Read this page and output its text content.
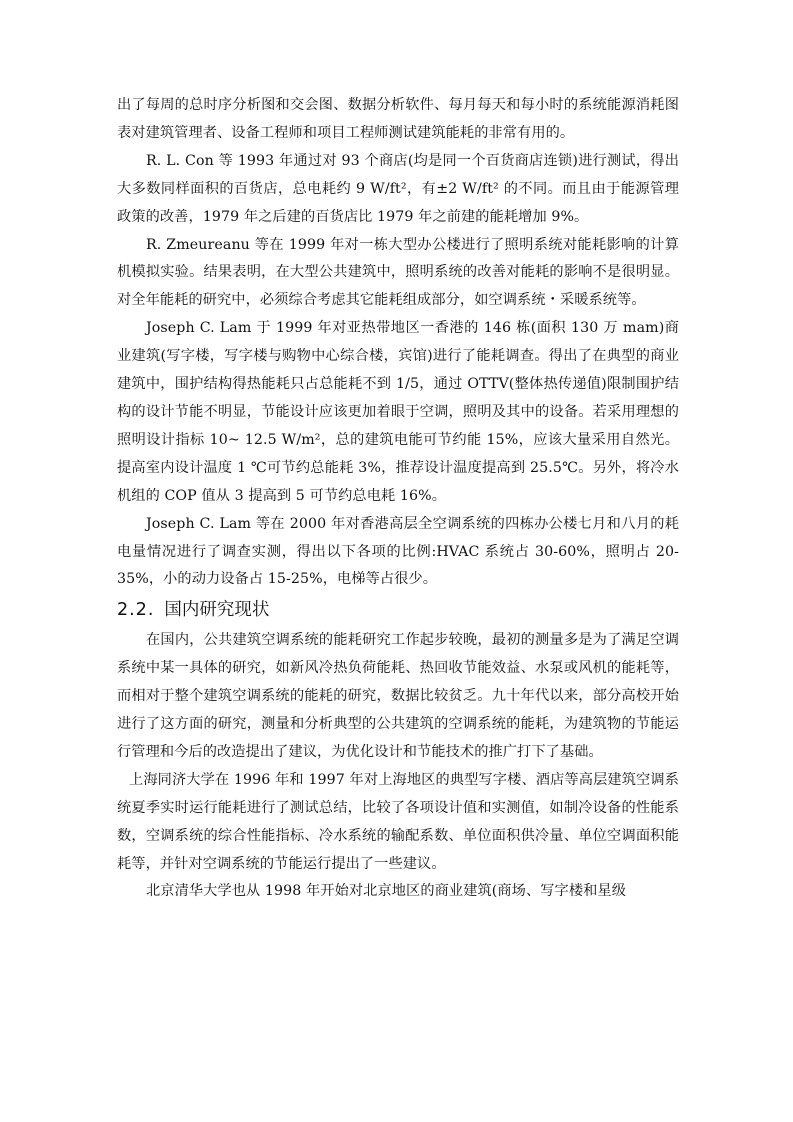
出了每周的总时序分析图和交会图、数据分析软件、每月每天和每小时的系统能源消耗图表对建筑管理者、设备工程师和项目工程师测试建筑能耗的非常有用的。

R. L. Con 等 1993 年通过对 93 个商店(均是同一个百货商店连锁)进行测试，得出大多数同样面积的百货店，总电耗约 9 W/ft²，有±2 W/ft² 的不同。而且由于能源管理政策的改善，1979 年之后建的百货店比 1979 年之前建的能耗增加 9%。

R. Zmeureanu 等在 1999 年对一栋大型办公楼进行了照明系统对能耗影响的计算机模拟实验。结果表明，在大型公共建筑中，照明系统的改善对能耗的影响不是很明显。对全年能耗的研究中，必须综合考虑其它能耗组成部分，如空调系统・采暖系统等。

Joseph C. Lam 于 1999 年对亚热带地区一香港的 146 栋(面积 130 万 mam)商业建筑(写字楼，写字楼与购物中心综合楼，宾馆)进行了能耗调查。得出了在典型的商业建筑中，围护结构得热能耗只占总能耗不到 1/5，通过 OTTV(整体热传递值)限制围护结构的设计节能不明显，节能设计应该更加着眼于空调，照明及其中的设备。若采用理想的照明设计指标 10~ 12.5 W/m²，总的建筑电能可节约能 15%，应该大量采用自然光。提高室内设计温度 1 ℃可节约总能耗 3%，推荐设计温度提高到 25.5℃。另外，将冷水机组的 COP 值从 3 提高到 5 可节约总电耗 16%。

Joseph C. Lam 等在 2000 年对香港高层全空调系统的四栋办公楼七月和八月的耗电量情况进行了调查实测，得出以下各项的比例:HVAC 系统占 30-60%，照明占 20-35%，小的动力设备占 15-25%，电梯等占很少。

2.2. 国内研究现状

在国内，公共建筑空调系统的能耗研究工作起步较晚，最初的测量多是为了满足空调系统中某一具体的研究，如新风冷热负荷能耗、热回收节能效益、水泵或风机的能耗等，而相对于整个建筑空调系统的能耗的研究，数据比较贫乏。九十年代以来，部分高校开始进行了这方面的研究，测量和分析典型的公共建筑的空调系统的能耗，为建筑物的节能运行管理和今后的改造提出了建议，为优化设计和节能技术的推广打下了基础。

上海同济大学在 1996 年和 1997 年对上海地区的典型写字楼、酒店等高层建筑空调系统夏季实时运行能耗进行了测试总结，比较了各项设计值和实测值，如制冷设备的性能系数，空调系统的综合性能指标、冷水系统的输配系数、单位面积供冷量、单位空调面积能耗等，并针对空调系统的节能运行提出了一些建议。

北京清华大学也从 1998 年开始对北京地区的商业建筑(商场、写字楼和星级
